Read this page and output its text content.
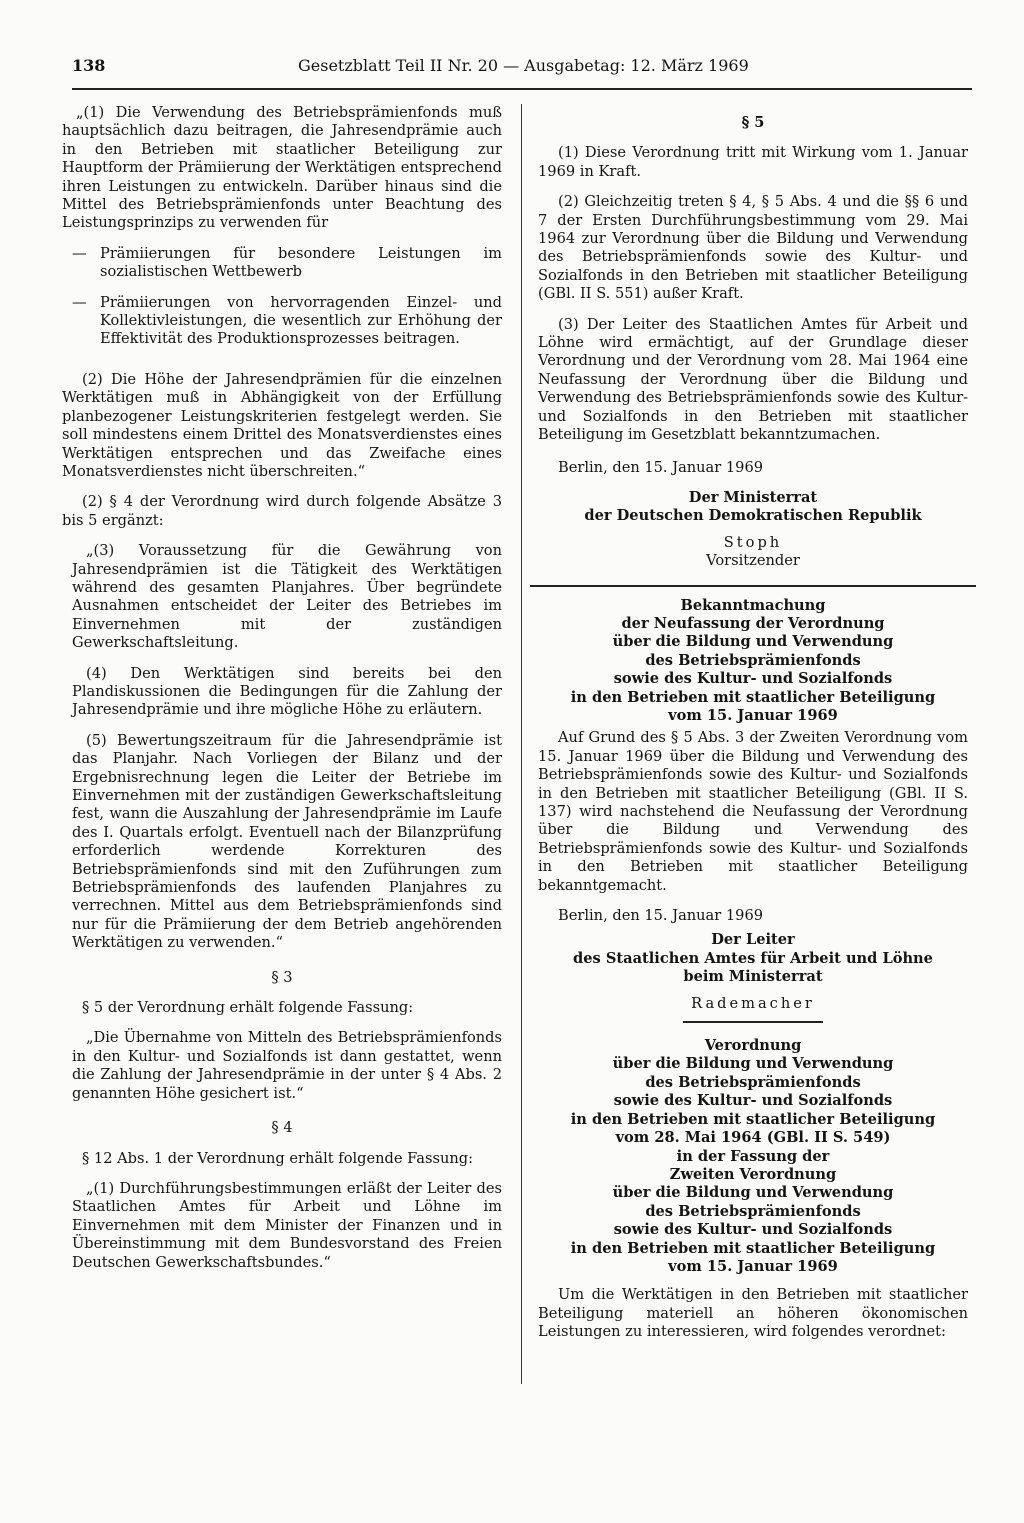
138	Gesetzblatt Teil II Nr. 20 — Ausgabetag: 12. März 1969

„(1) Die Verwendung des Betriebsprämienfonds muß hauptsächlich dazu beitragen, die Jahresendprämie auch in den Betrieben mit staatlicher Beteiligung zur Hauptform der Prämiierung der Werktätigen entsprechend ihren Leistungen zu entwickeln. Darüber hinaus sind die Mittel des Betriebsprämienfonds unter Beachtung des Leistungsprinzips zu verwenden für

— Prämiierungen für besondere Leistungen im sozialistischen Wettbewerb
— Prämiierungen von hervorragenden Einzel- und Kollektivleistungen, die wesentlich zur Erhöhung der Effektivität des Produktionsprozesses beitragen.

(2) Die Höhe der Jahresendprämien für die einzelnen Werktätigen muß in Abhängigkeit von der Erfüllung planbezogener Leistungskriterien festgelegt werden. Sie soll mindestens einem Drittel des Monatsverdienstes eines Werktätigen entsprechen und das Zweifache eines Monatsverdienstes nicht überschreiten.“

(2) § 4 der Verordnung wird durch folgende Absätze 3 bis 5 ergänzt:

„(3) Voraussetzung für die Gewährung von Jahresendprämien ist die Tätigkeit des Werktätigen während des gesamten Planjahres. Über begründete Ausnahmen entscheidet der Leiter des Betriebes im Einvernehmen mit der zuständigen Gewerkschaftsleitung.

(4) Den Werktätigen sind bereits bei den Plandiskussionen die Bedingungen für die Zahlung der Jahresendprämie und ihre mögliche Höhe zu erläutern.

(5) Bewertungszeitraum für die Jahresendprämie ist das Planjahr. Nach Vorliegen der Bilanz und der Ergebnisrechnung legen die Leiter der Betriebe im Einvernehmen mit der zuständigen Gewerkschaftsleitung fest, wann die Auszahlung der Jahresendprämie im Laufe des I. Quartals erfolgt. Eventuell nach der Bilanzprüfung erforderlich werdende Korrekturen des Betriebsprämienfonds sind mit den Zuführungen zum Betriebsprämienfonds des laufenden Planjahres zu verrechnen. Mittel aus dem Betriebsprämienfonds sind nur für die Prämiierung der dem Betrieb angehörenden Werktätigen zu verwenden.“

§ 3

§ 5 der Verordnung erhält folgende Fassung:

„Die Übernahme von Mitteln des Betriebsprämienfonds in den Kultur- und Sozialfonds ist dann gestattet, wenn die Zahlung der Jahresendprämie in der unter § 4 Abs. 2 genannten Höhe gesichert ist.“

§ 4

§ 12 Abs. 1 der Verordnung erhält folgende Fassung:

„(1) Durchführungsbestimmungen erläßt der Leiter des Staatlichen Amtes für Arbeit und Löhne im Einvernehmen mit dem Minister der Finanzen und in Übereinstimmung mit dem Bundesvorstand des Freien Deutschen Gewerkschaftsbundes.“

§ 5

(1) Diese Verordnung tritt mit Wirkung vom 1. Januar 1969 in Kraft.

(2) Gleichzeitig treten § 4, § 5 Abs. 4 und die §§ 6 und 7 der Ersten Durchführungsbestimmung vom 29. Mai 1964 zur Verordnung über die Bildung und Verwendung des Betriebsprämienfonds sowie des Kultur- und Sozialfonds in den Betrieben mit staatlicher Beteiligung (GBl. II S. 551) außer Kraft.

(3) Der Leiter des Staatlichen Amtes für Arbeit und Löhne wird ermächtigt, auf der Grundlage dieser Verordnung und der Verordnung vom 28. Mai 1964 eine Neufassung der Verordnung über die Bildung und Verwendung des Betriebsprämienfonds sowie des Kultur- und Sozialfonds in den Betrieben mit staatlicher Beteiligung im Gesetzblatt bekanntzumachen.

Berlin, den 15. Januar 1969

Der Ministerrat
der Deutschen Demokratischen Republik
Stoph
Vorsitzender
Bekanntmachung
der Neufassung der Verordnung
über die Bildung und Verwendung
des Betriebsprämienfonds
sowie des Kultur- und Sozialfonds
in den Betrieben mit staatlicher Beteiligung
vom 15. Januar 1969

Auf Grund des § 5 Abs. 3 der Zweiten Verordnung vom 15. Januar 1969 über die Bildung und Verwendung des Betriebsprämienfonds sowie des Kultur- und Sozialfonds in den Betrieben mit staatlicher Beteiligung (GBl. II S. 137) wird nachstehend die Neufassung der Verordnung über die Bildung und Verwendung des Betriebsprämienfonds sowie des Kultur- und Sozialfonds in den Betrieben mit staatlicher Beteiligung bekanntgemacht.

Berlin, den 15. Januar 1969

Der Leiter
des Staatlichen Amtes für Arbeit und Löhne
beim Ministerrat
Rademacher
Verordnung
über die Bildung und Verwendung
des Betriebsprämienfonds
sowie des Kultur- und Sozialfonds
in den Betrieben mit staatlicher Beteiligung
vom 28. Mai 1964 (GBl. II S. 549)
in der Fassung der
Zweiten Verordnung
über die Bildung und Verwendung
des Betriebsprämienfonds
sowie des Kultur- und Sozialfonds
in den Betrieben mit staatlicher Beteiligung
vom 15. Januar 1969

Um die Werktätigen in den Betrieben mit staatlicher Beteiligung materiell an höheren ökonomischen Leistungen zu interessieren, wird folgendes verordnet:
